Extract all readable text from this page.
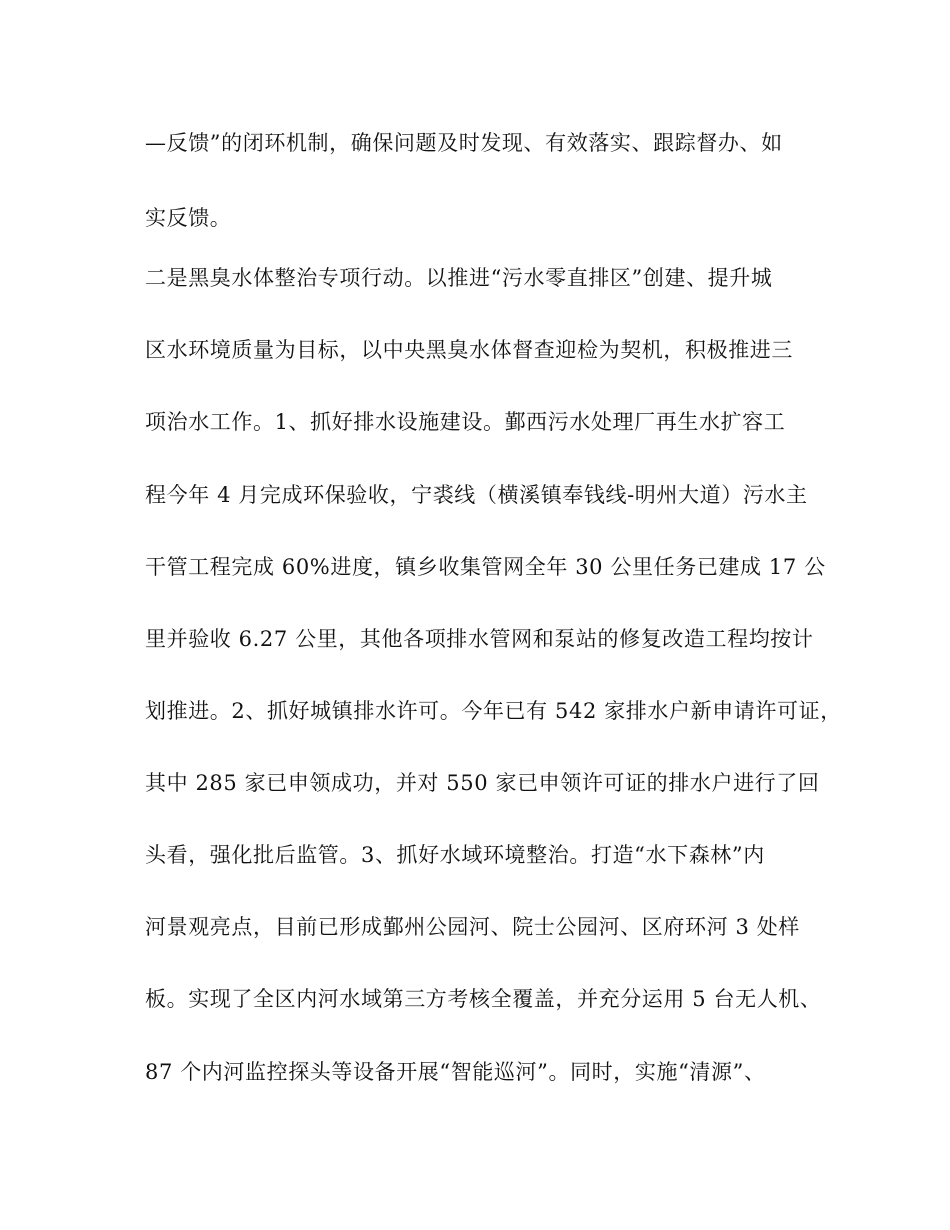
—反馈”的闭环机制，确保问题及时发现、有效落实、跟踪督办、如
实反馈。
二是黑臭水体整治专项行动。以推进“污水零直排区”创建、提升城
区水环境质量为目标，以中央黑臭水体督查迎检为契机，积极推进三
项治水工作。1、抓好排水设施建设。鄞西污水处理厂再生水扩容工
程今年 4 月完成环保验收，宁裘线（横溪镇奉钱线-明州大道）污水主
干管工程完成 60%进度，镇乡收集管网全年 30 公里任务已建成 17 公
里并验收 6.27 公里，其他各项排水管网和泵站的修复改造工程均按计
划推进。2、抓好城镇排水许可。今年已有 542 家排水户新申请许可证，
其中 285 家已申领成功，并对 550 家已申领许可证的排水户进行了回
头看，强化批后监管。3、抓好水域环境整治。打造“水下森林”内
河景观亮点，目前已形成鄞州公园河、院士公园河、区府环河 3 处样
板。实现了全区内河水域第三方考核全覆盖，并充分运用 5 台无人机、
87 个内河监控探头等设备开展“智能巡河”。同时，实施“清源”、
